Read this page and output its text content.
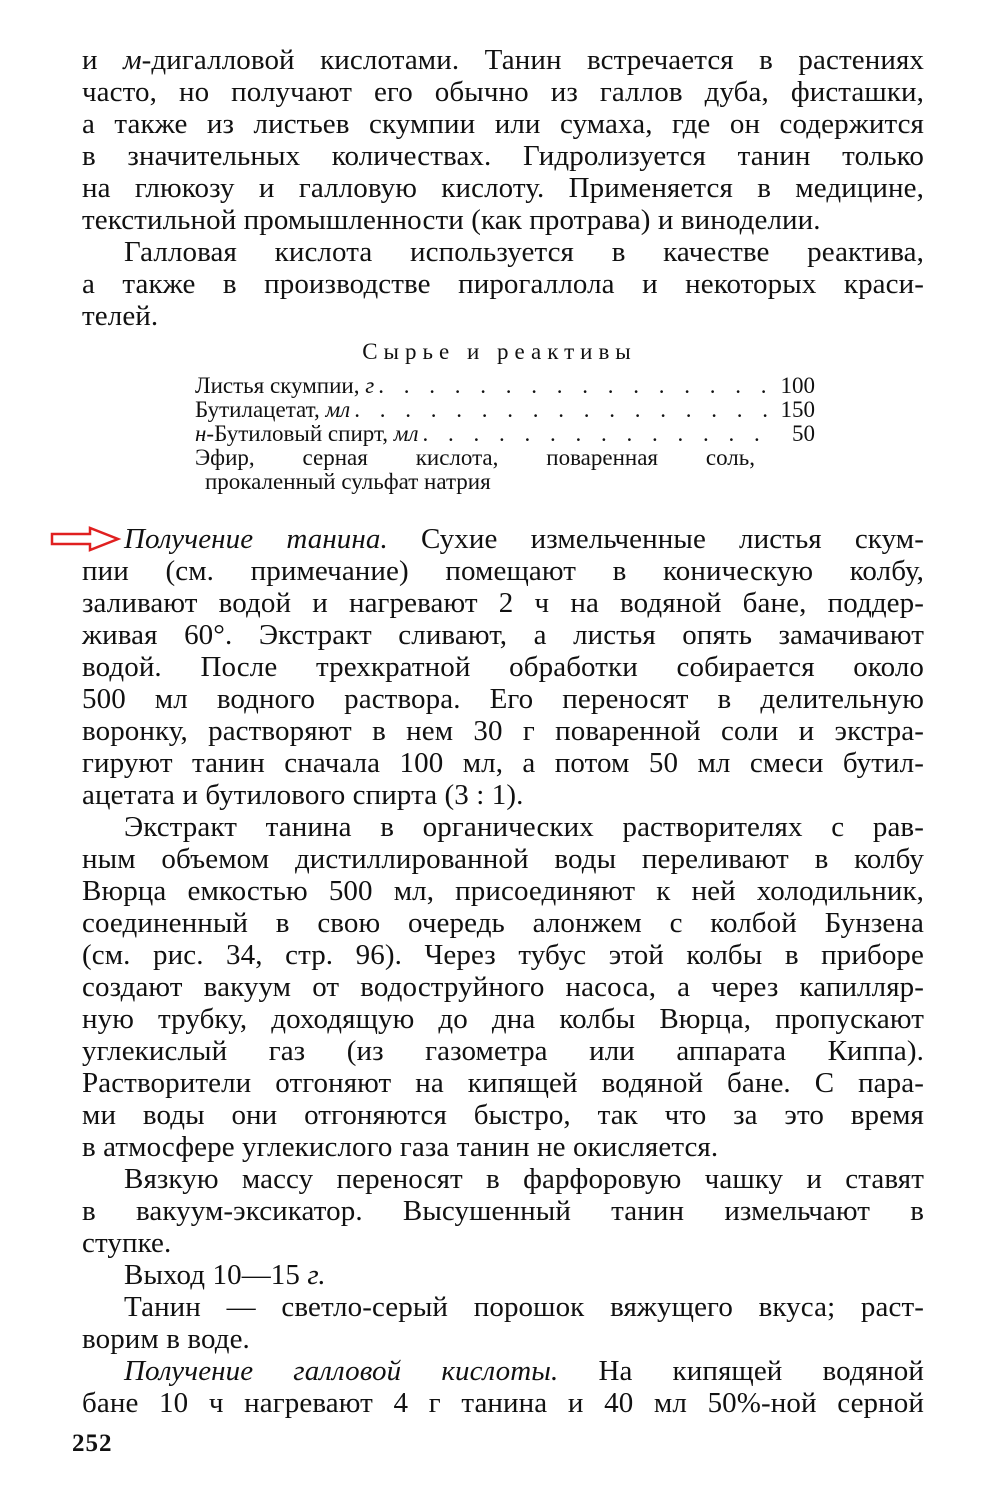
и м-дигалловой кислотами. Танин встречается в растениях
часто, но получают его обычно из галлов дуба, фисташки,
а также из листьев скумпии или сумаха, где он содержится
в значительных количествах. Гидролизуется танин только
на глюкозу и галловую кислоту. Применяется в медицине,
текстильной промышленности (как протрава) и виноделии.
Галловая кислота используется в качестве реактива,
а также в производстве пирогаллола и некоторых краси-
телей.
Сырье и реактивы
Листья скумпии, г . . .	100
Бутилацетат, мл . . .	150
н-Бутиловый спирт, мл . . .	50
Эфир, серная кислота, поваренная соль,
прокаленный сульфат натрия
Получение танина. Сухие измельченные листья скум-
пии (см. примечание) помещают в коническую колбу,
заливают водой и нагревают 2 ч на водяной бане, поддер-
живая 60°. Экстракт сливают, а листья опять замачивают
водой. После трехкратной обработки собирается около
500 мл водного раствора. Его переносят в делительную
воронку, растворяют в нем 30 г поваренной соли и экстра-
гируют танин сначала 100 мл, а потом 50 мл смеси бутил-
ацетата и бутилового спирта (3 : 1).
Экстракт танина в органических растворителях с рав-
ным объемом дистиллированной воды переливают в колбу
Вюрца емкостью 500 мл, присоединяют к ней холодильник,
соединенный в свою очередь алонжем с колбой Бунзена
(см. рис. 34, стр. 96). Через тубус этой колбы в приборе
создают вакуум от водоструйного насоса, а через капилляр-
ную трубку, доходящую до дна колбы Вюрца, пропускают
углекислый газ (из газометра или аппарата Киппа).
Растворители отгоняют на кипящей водяной бане. С пара-
ми воды они отгоняются быстро, так что за это время
в атмосфере углекислого газа танин не окисляется.
Вязкую массу переносят в фарфоровую чашку и ставят
в вакуум-эксикатор. Высушенный танин измельчают в
ступке.
Выход 10—15 г.
Танин — светло-серый порошок вяжущего вкуса; раст-
ворим в воде.
Получение галловой кислоты. На кипящей водяной
бане 10 ч нагревают 4 г танина и 40 мл 50%-ной серной
252
